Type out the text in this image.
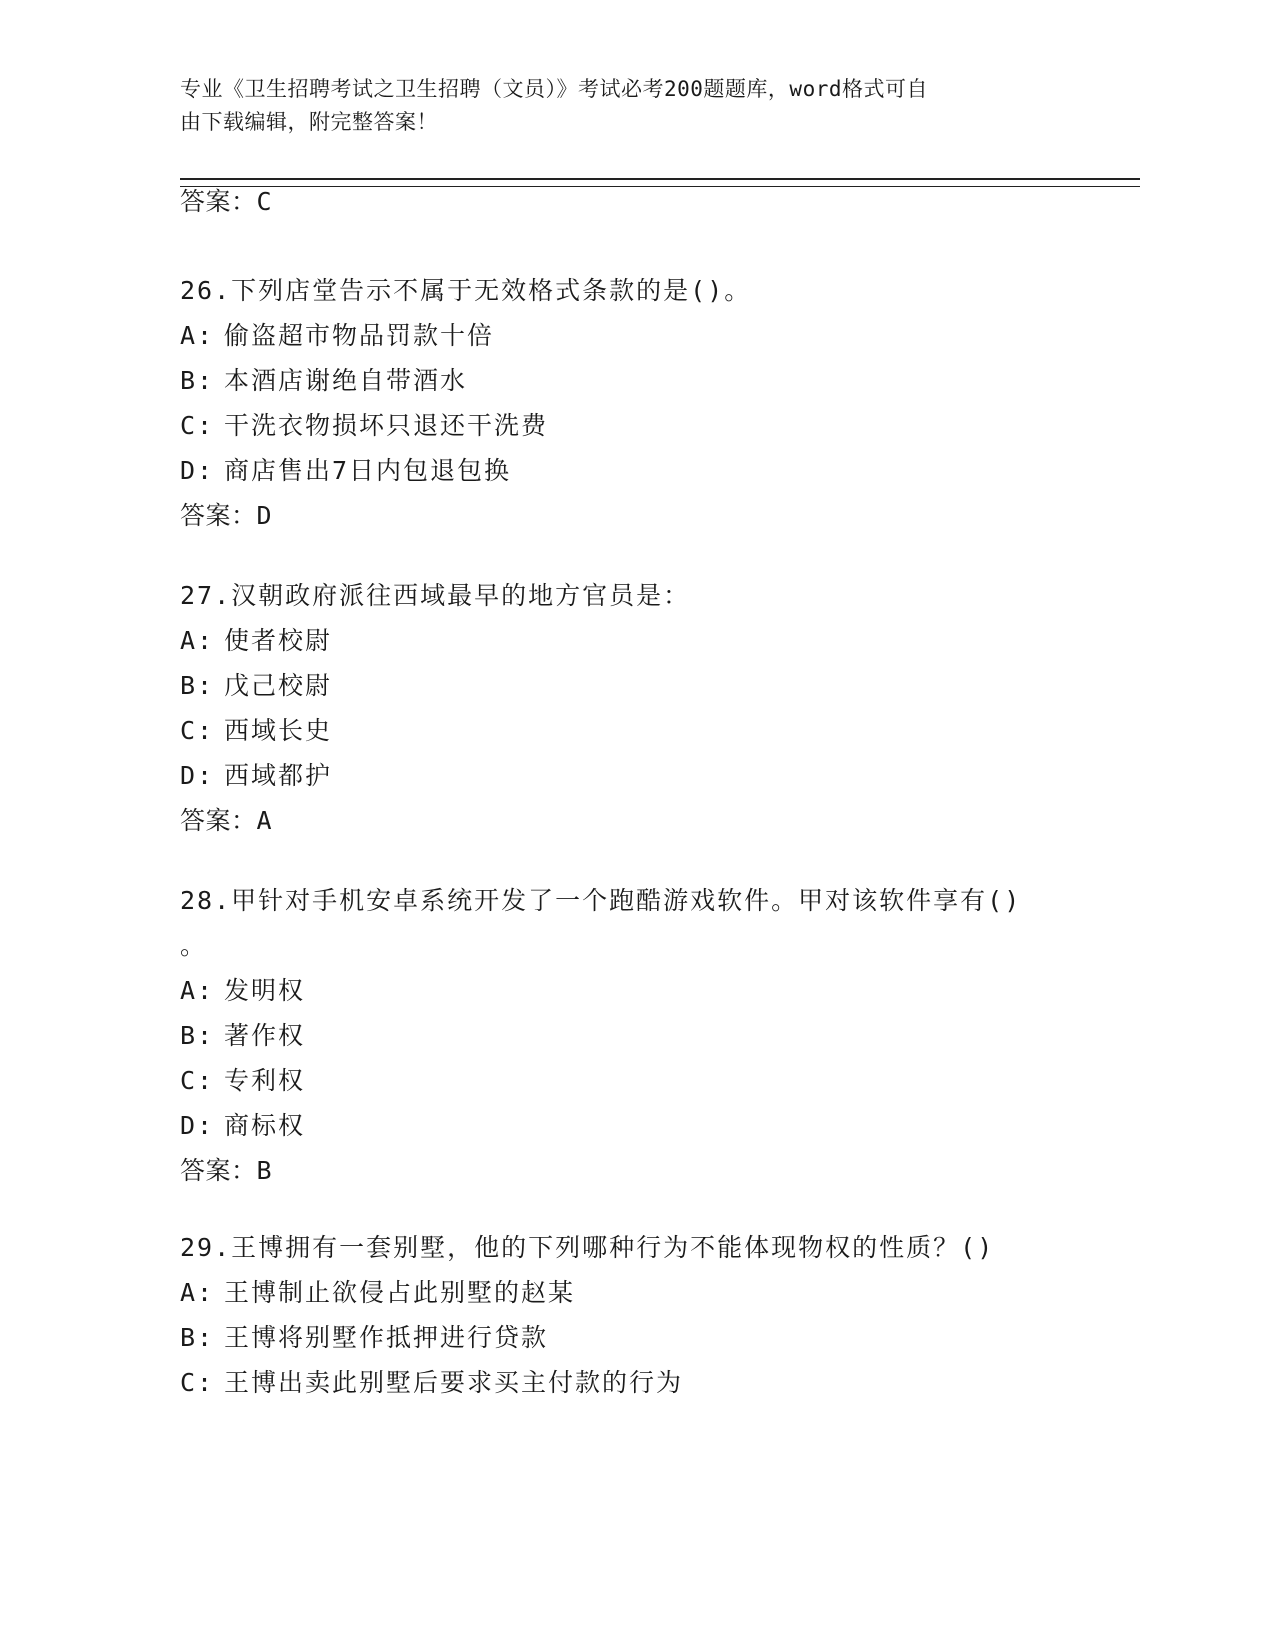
专业《卫生招聘考试之卫生招聘（文员）》考试必考200题题库，word格式可自
由下载编辑，附完整答案！
答案：C

26.下列店堂告示不属于无效格式条款的是()。

A: 偷盗超市物品罚款十倍

B: 本酒店谢绝自带酒水

C: 干洗衣物损坏只退还干洗费

D: 商店售出7日内包退包换

答案：D

27.汉朝政府派往西域最早的地方官员是：

A: 使者校尉

B: 戊己校尉

C: 西域长史

D: 西域都护

答案：A

28.甲针对手机安卓系统开发了一个跑酷游戏软件。甲对该软件享有()

。

A: 发明权

B: 著作权

C: 专利权

D: 商标权

答案：B

29.王博拥有一套别墅，他的下列哪种行为不能体现物权的性质？()

A: 王博制止欲侵占此别墅的赵某

B: 王博将别墅作抵押进行贷款

C: 王博出卖此别墅后要求买主付款的行为
